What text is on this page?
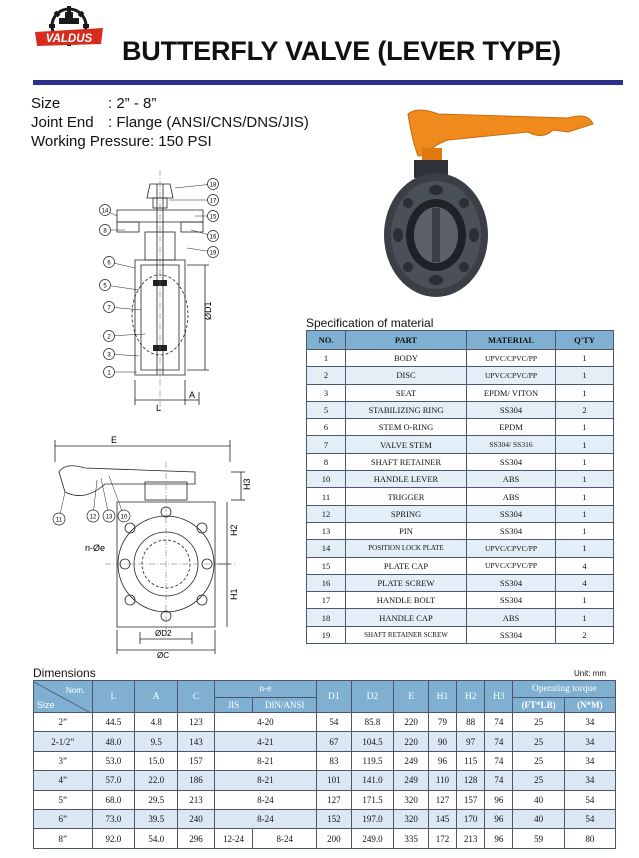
VALDUS BUTTERFLY VALVE (LEVER TYPE)
Size	: 2” - 8”
Joint End : Flange (ANSI/CNS/DNS/JIS)
Working Pressure: 150 PSI
ØD1
L
A
18
17
15
16
19
14
8
6
5
7
2
3
1
E
H3
H2
H1
n-Øe
ØD2
ØC
11	12 13 10
Specification of material
NO.	PART	MATERIAL	Q'TY
1	BODY	UPVC/CPVC/PP	1
2	DISC	UPVC/CPVC/PP	1
3	SEAT	EPDM/ VITON	1
5	STABILIZING RING	SS304	2
6	STEM O-RING	EPDM	1
7	VALVE STEM	SS304/ SS316	1
8	SHAFT RETAINER	SS304	1
10	HANDLE LEVER	ABS	1
11	TRIGGER	ABS	1
12	SPRING	SS304	1
13	PIN	SS304	1
14	POSITION LOCK PLATE	UPVC/CPVC/PP	1
15	PLATE CAP	UPVC/CPVC/PP	4
16	PLATE SCREW	SS304	4
17	HANDLE BOLT	SS304	1
18	HANDLE CAP	ABS	1
19	SHAFT RETAINER SCREW	SS304	2
Dimensions	Unit: mm
Nom.
Size	L	A	C	n-e		D1	D2	E	H1	H2	H3	Operating torque	
				JIS	DIN/ANSI							(FT*LB)	(N*M)
2”	44.5	4.8	123	4-20		54	85.8	220	79	88	74	25	34
2-1/2”	48.0	9.5	143	4-21		67	104.5	220	90	97	74	25	34
3”	53.0	15.0	157	8-21		83	119.5	249	96	115	74	25	34
4”	57.0	22.0	186	8-21		101	141.0	249	110	128	74	25	34
5”	68.0	29.5	213	8-24		127	171.5	320	127	157	96	40	54
6”	73.0	39.5	240	8-24		152	197.0	320	145	170	96	40	54
8”	92.0	54.0	296	12-24	8-24	200	249.0	335	172	213	96	59	80
